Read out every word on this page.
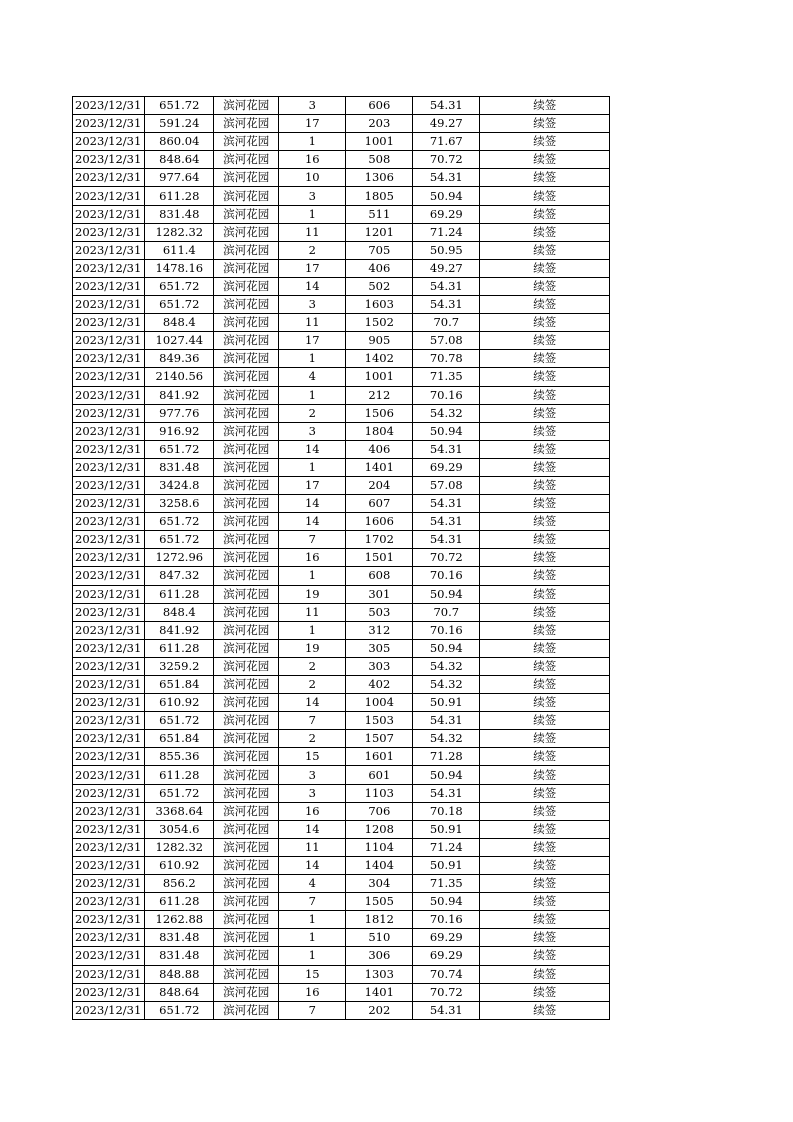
2023/12/31	651.72	滨河花园	3	606	54.31	续签
2023/12/31	591.24	滨河花园	17	203	49.27	续签
2023/12/31	860.04	滨河花园	1	1001	71.67	续签
2023/12/31	848.64	滨河花园	16	508	70.72	续签
2023/12/31	977.64	滨河花园	10	1306	54.31	续签
2023/12/31	611.28	滨河花园	3	1805	50.94	续签
2023/12/31	831.48	滨河花园	1	511	69.29	续签
2023/12/31	1282.32	滨河花园	11	1201	71.24	续签
2023/12/31	611.4	滨河花园	2	705	50.95	续签
2023/12/31	1478.16	滨河花园	17	406	49.27	续签
2023/12/31	651.72	滨河花园	14	502	54.31	续签
2023/12/31	651.72	滨河花园	3	1603	54.31	续签
2023/12/31	848.4	滨河花园	11	1502	70.7	续签
2023/12/31	1027.44	滨河花园	17	905	57.08	续签
2023/12/31	849.36	滨河花园	1	1402	70.78	续签
2023/12/31	2140.56	滨河花园	4	1001	71.35	续签
2023/12/31	841.92	滨河花园	1	212	70.16	续签
2023/12/31	977.76	滨河花园	2	1506	54.32	续签
2023/12/31	916.92	滨河花园	3	1804	50.94	续签
2023/12/31	651.72	滨河花园	14	406	54.31	续签
2023/12/31	831.48	滨河花园	1	1401	69.29	续签
2023/12/31	3424.8	滨河花园	17	204	57.08	续签
2023/12/31	3258.6	滨河花园	14	607	54.31	续签
2023/12/31	651.72	滨河花园	14	1606	54.31	续签
2023/12/31	651.72	滨河花园	7	1702	54.31	续签
2023/12/31	1272.96	滨河花园	16	1501	70.72	续签
2023/12/31	847.32	滨河花园	1	608	70.16	续签
2023/12/31	611.28	滨河花园	19	301	50.94	续签
2023/12/31	848.4	滨河花园	11	503	70.7	续签
2023/12/31	841.92	滨河花园	1	312	70.16	续签
2023/12/31	611.28	滨河花园	19	305	50.94	续签
2023/12/31	3259.2	滨河花园	2	303	54.32	续签
2023/12/31	651.84	滨河花园	2	402	54.32	续签
2023/12/31	610.92	滨河花园	14	1004	50.91	续签
2023/12/31	651.72	滨河花园	7	1503	54.31	续签
2023/12/31	651.84	滨河花园	2	1507	54.32	续签
2023/12/31	855.36	滨河花园	15	1601	71.28	续签
2023/12/31	611.28	滨河花园	3	601	50.94	续签
2023/12/31	651.72	滨河花园	3	1103	54.31	续签
2023/12/31	3368.64	滨河花园	16	706	70.18	续签
2023/12/31	3054.6	滨河花园	14	1208	50.91	续签
2023/12/31	1282.32	滨河花园	11	1104	71.24	续签
2023/12/31	610.92	滨河花园	14	1404	50.91	续签
2023/12/31	856.2	滨河花园	4	304	71.35	续签
2023/12/31	611.28	滨河花园	7	1505	50.94	续签
2023/12/31	1262.88	滨河花园	1	1812	70.16	续签
2023/12/31	831.48	滨河花园	1	510	69.29	续签
2023/12/31	831.48	滨河花园	1	306	69.29	续签
2023/12/31	848.88	滨河花园	15	1303	70.74	续签
2023/12/31	848.64	滨河花园	16	1401	70.72	续签
2023/12/31	651.72	滨河花园	7	202	54.31	续签
